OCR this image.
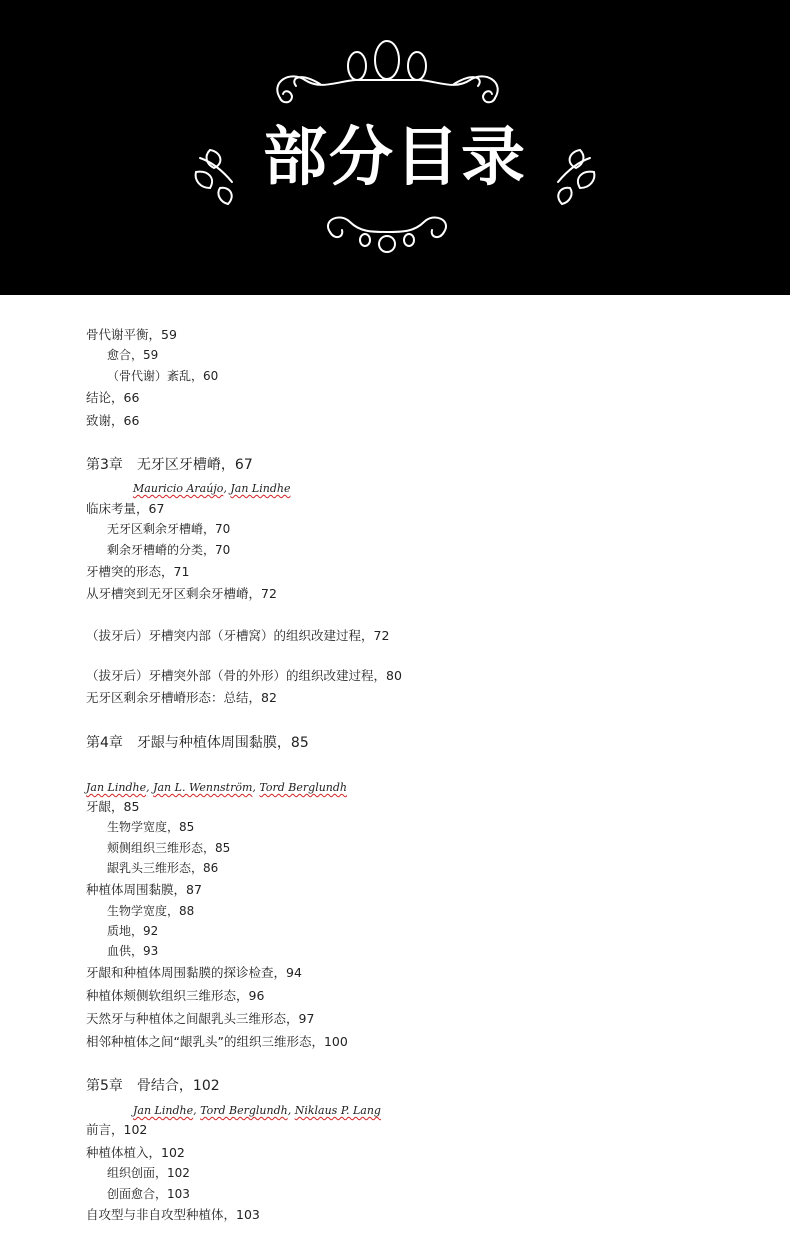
部分目录
骨代谢平衡，59
愈合，59
（骨代谢）紊乱，60
结论，66
致谢，66
第3章　无牙区牙槽嵴，67
临床考量，67
无牙区剩余牙槽嵴，70
剩余牙槽嵴的分类，70
牙槽突的形态，71
从牙槽突到无牙区剩余牙槽嵴，72
（拔牙后）牙槽突内部（牙槽窝）的组织改建过程，72
（拔牙后）牙槽突外部（骨的外形）的组织改建过程，80
无牙区剩余牙槽嵴形态：总结，82
第4章　牙龈与种植体周围黏膜，85
牙龈，85
生物学宽度，85
颊侧组织三维形态，85
龈乳头三维形态，86
种植体周围黏膜，87
生物学宽度，88
质地，92
血供，93
牙龈和种植体周围黏膜的探诊检查，94
种植体颊侧软组织三维形态，96
天然牙与种植体之间龈乳头三维形态，97
相邻种植体之间“龈乳头”的组织三维形态，100
第5章　骨结合，102
前言，102
种植体植入，102
组织创面，102
创面愈合，103
自攻型与非自攻型种植体，103
Mauricio Araújo, Jan Lindhe
Jan Lindhe, Jan L. Wennström, Tord Berglundh
Jan Lindhe, Tord Berglundh, Niklaus P. Lang
